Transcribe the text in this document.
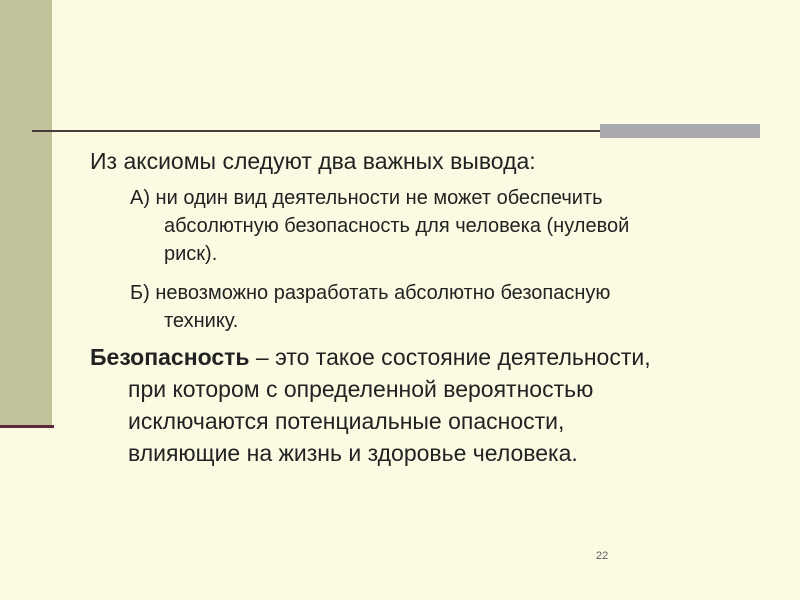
Из аксиомы следуют два важных вывода:
А) ни один вид деятельности не может обеспечить
абсолютную безопасность для человека (нулевой
риск).
Б) невозможно разработать абсолютно безопасную
технику.
Безопасность – это такое состояние деятельности,
при котором с определенной вероятностью
исключаются потенциальные опасности,
влияющие на жизнь и здоровье человека.
22
